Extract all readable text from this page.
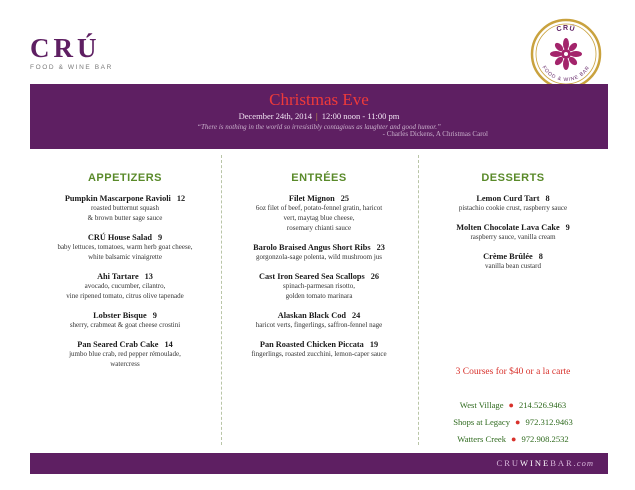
CRÚ
FOOD & WINE BAR
CRÚ
FOOD & WINE BAR
Christmas Eve
December 24th, 2014 | 12:00 noon - 11:00 pm
“There is nothing in the world so irresistibly contagious as laughter and good humor.”
- Charles Dickens, A Christmas Carol
APPETIZERS
Pumpkin Mascarpone Ravioli 12
roasted butternut squash
& brown butter sage sauce
CRÚ House Salad 9
baby lettuces, tomatoes, warm herb goat cheese,
white balsamic vinaigrette
Ahi Tartare 13
avocado, cucumber, cilantro,
vine ripened tomato, citrus olive tapenade
Lobster Bisque 9
sherry, crabmeat & goat cheese crostini
Pan Seared Crab Cake 14
jumbo blue crab, red pepper rémoulade,
watercress
ENTRÉES
Filet Mignon 25
6oz filet of beef, potato-fennel gratin, haricot
vert, maytag blue cheese,
rosemary chianti sauce
Barolo Braised Angus Short Ribs 23
gorgonzola-sage polenta, wild mushroom jus
Cast Iron Seared Sea Scallops 26
spinach-parmesan risotto,
golden tomato marinara
Alaskan Black Cod 24
haricot verts, fingerlings, saffron-fennel nage
Pan Roasted Chicken Piccata 19
fingerlings, roasted zucchini, lemon-caper sauce
DESSERTS
Lemon Curd Tart 8
pistachio cookie crust, raspberry sauce
Molten Chocolate Lava Cake 9
raspberry sauce, vanilla cream
Crème Brûlée 8
vanilla bean custard
3 Courses for $40 or a la carte
West Village ● 214.526.9463
Shops at Legacy ● 972.312.9463
Watters Creek ● 972.908.2532
CRUWINEBAR.com
